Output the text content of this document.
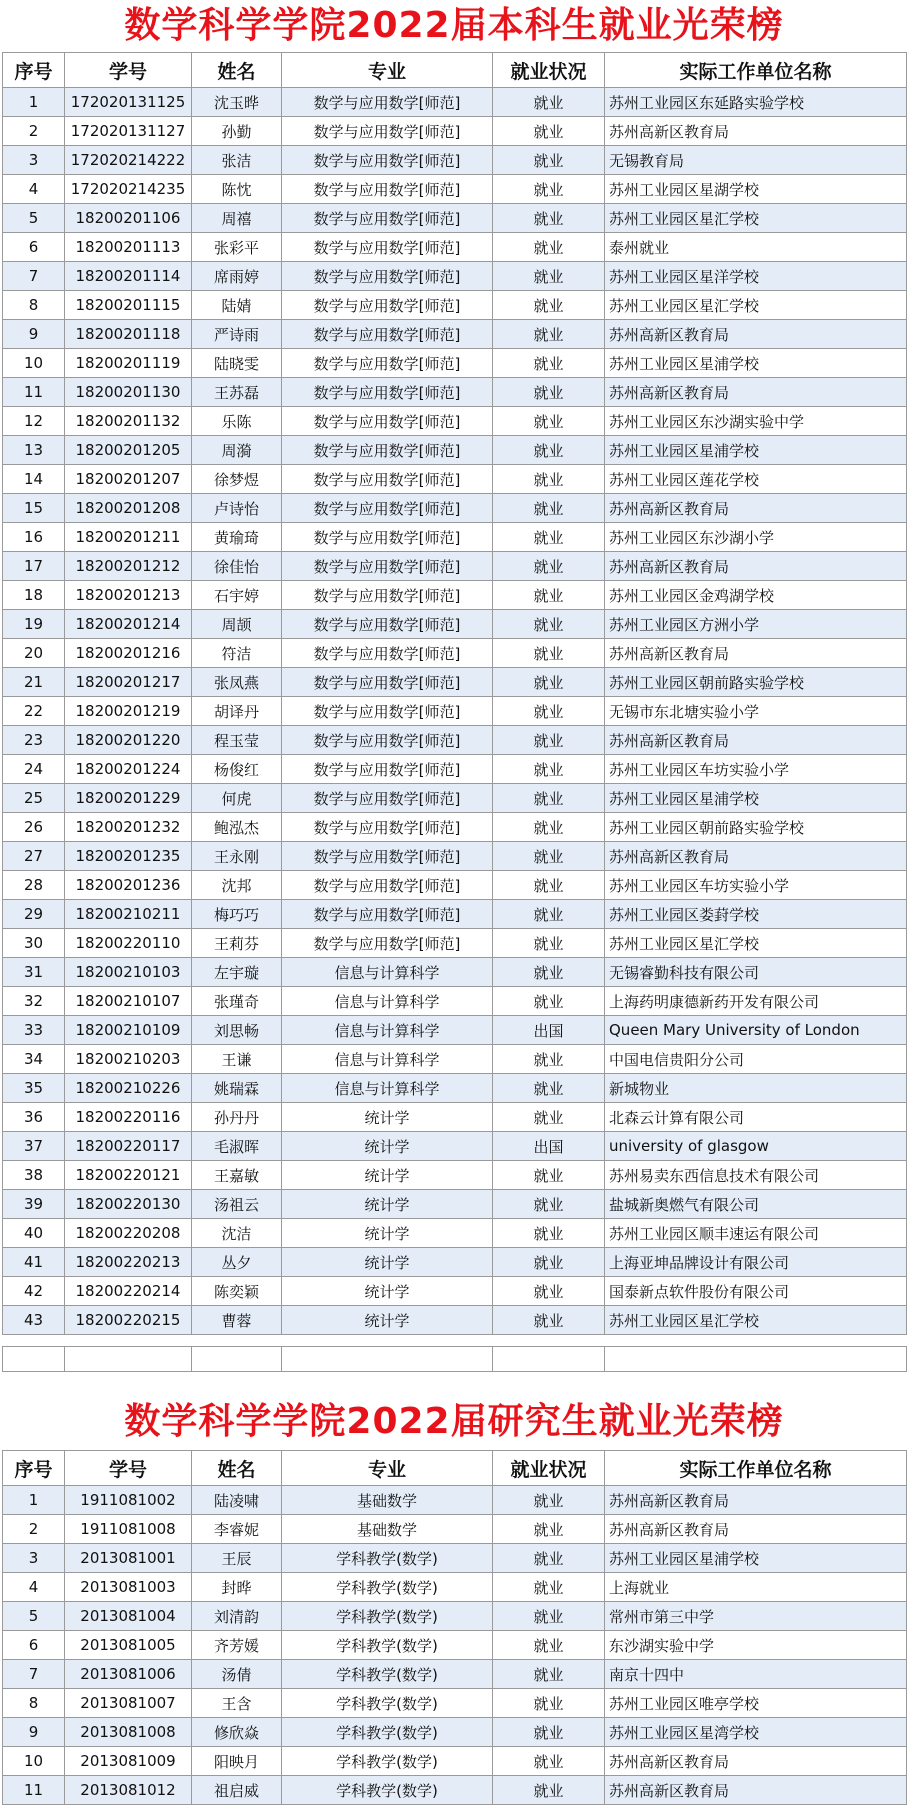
数学科学学院2022届本科生就业光荣榜
序号	学号	姓名	专业	就业状况	实际工作单位名称
1	172020131125	沈玉晔	数学与应用数学[师范]	就业	苏州工业园区东延路实验学校
2	172020131127	孙勤	数学与应用数学[师范]	就业	苏州高新区教育局
3	172020214222	张洁	数学与应用数学[师范]	就业	无锡教育局
4	172020214235	陈忱	数学与应用数学[师范]	就业	苏州工业园区星湖学校
5	18200201106	周禧	数学与应用数学[师范]	就业	苏州工业园区星汇学校
6	18200201113	张彩平	数学与应用数学[师范]	就业	泰州就业
7	18200201114	席雨婷	数学与应用数学[师范]	就业	苏州工业园区星洋学校
8	18200201115	陆婧	数学与应用数学[师范]	就业	苏州工业园区星汇学校
9	18200201118	严诗雨	数学与应用数学[师范]	就业	苏州高新区教育局
10	18200201119	陆晓雯	数学与应用数学[师范]	就业	苏州工业园区星浦学校
11	18200201130	王苏磊	数学与应用数学[师范]	就业	苏州高新区教育局
12	18200201132	乐陈	数学与应用数学[师范]	就业	苏州工业园区东沙湖实验中学
13	18200201205	周漪	数学与应用数学[师范]	就业	苏州工业园区星浦学校
14	18200201207	徐梦煜	数学与应用数学[师范]	就业	苏州工业园区莲花学校
15	18200201208	卢诗怡	数学与应用数学[师范]	就业	苏州高新区教育局
16	18200201211	黄瑜琦	数学与应用数学[师范]	就业	苏州工业园区东沙湖小学
17	18200201212	徐佳怡	数学与应用数学[师范]	就业	苏州高新区教育局
18	18200201213	石宇婷	数学与应用数学[师范]	就业	苏州工业园区金鸡湖学校
19	18200201214	周颉	数学与应用数学[师范]	就业	苏州工业园区方洲小学
20	18200201216	符洁	数学与应用数学[师范]	就业	苏州高新区教育局
21	18200201217	张凤燕	数学与应用数学[师范]	就业	苏州工业园区朝前路实验学校
22	18200201219	胡译丹	数学与应用数学[师范]	就业	无锡市东北塘实验小学
23	18200201220	程玉莹	数学与应用数学[师范]	就业	苏州高新区教育局
24	18200201224	杨俊红	数学与应用数学[师范]	就业	苏州工业园区车坊实验小学
25	18200201229	何虎	数学与应用数学[师范]	就业	苏州工业园区星浦学校
26	18200201232	鲍泓杰	数学与应用数学[师范]	就业	苏州工业园区朝前路实验学校
27	18200201235	王永刚	数学与应用数学[师范]	就业	苏州高新区教育局
28	18200201236	沈邦	数学与应用数学[师范]	就业	苏州工业园区车坊实验小学
29	18200210211	梅巧巧	数学与应用数学[师范]	就业	苏州工业园区娄葑学校
30	18200220110	王莉芬	数学与应用数学[师范]	就业	苏州工业园区星汇学校
31	18200210103	左宇璇	信息与计算科学	就业	无锡睿勤科技有限公司
32	18200210107	张瑾奇	信息与计算科学	就业	上海药明康德新药开发有限公司
33	18200210109	刘思畅	信息与计算科学	出国	Queen Mary University of London
34	18200210203	王谦	信息与计算科学	就业	中国电信贵阳分公司
35	18200210226	姚瑞霖	信息与计算科学	就业	新城物业
36	18200220116	孙丹丹	统计学	就业	北森云计算有限公司
37	18200220117	毛淑晖	统计学	出国	university of glasgow
38	18200220121	王嘉敏	统计学	就业	苏州易卖东西信息技术有限公司
39	18200220130	汤祖云	统计学	就业	盐城新奥燃气有限公司
40	18200220208	沈洁	统计学	就业	苏州工业园区顺丰速运有限公司
41	18200220213	丛夕	统计学	就业	上海亚坤品牌设计有限公司
42	18200220214	陈奕颖	统计学	就业	国泰新点软件股份有限公司
43	18200220215	曹蓉	统计学	就业	苏州工业园区星汇学校

数学科学学院2022届研究生就业光荣榜
序号	学号	姓名	专业	就业状况	实际工作单位名称
1	1911081002	陆凌啸	基础数学	就业	苏州高新区教育局
2	1911081008	李睿妮	基础数学	就业	苏州高新区教育局
3	2013081001	王辰	学科教学(数学)	就业	苏州工业园区星浦学校
4	2013081003	封晔	学科教学(数学)	就业	上海就业
5	2013081004	刘清韵	学科教学(数学)	就业	常州市第三中学
6	2013081005	齐芳媛	学科教学(数学)	就业	东沙湖实验中学
7	2013081006	汤倩	学科教学(数学)	就业	南京十四中
8	2013081007	王含	学科教学(数学)	就业	苏州工业园区唯亭学校
9	2013081008	修欣焱	学科教学(数学)	就业	苏州工业园区星湾学校
10	2013081009	阳映月	学科教学(数学)	就业	苏州高新区教育局
11	2013081012	祖启威	学科教学(数学)	就业	苏州高新区教育局
